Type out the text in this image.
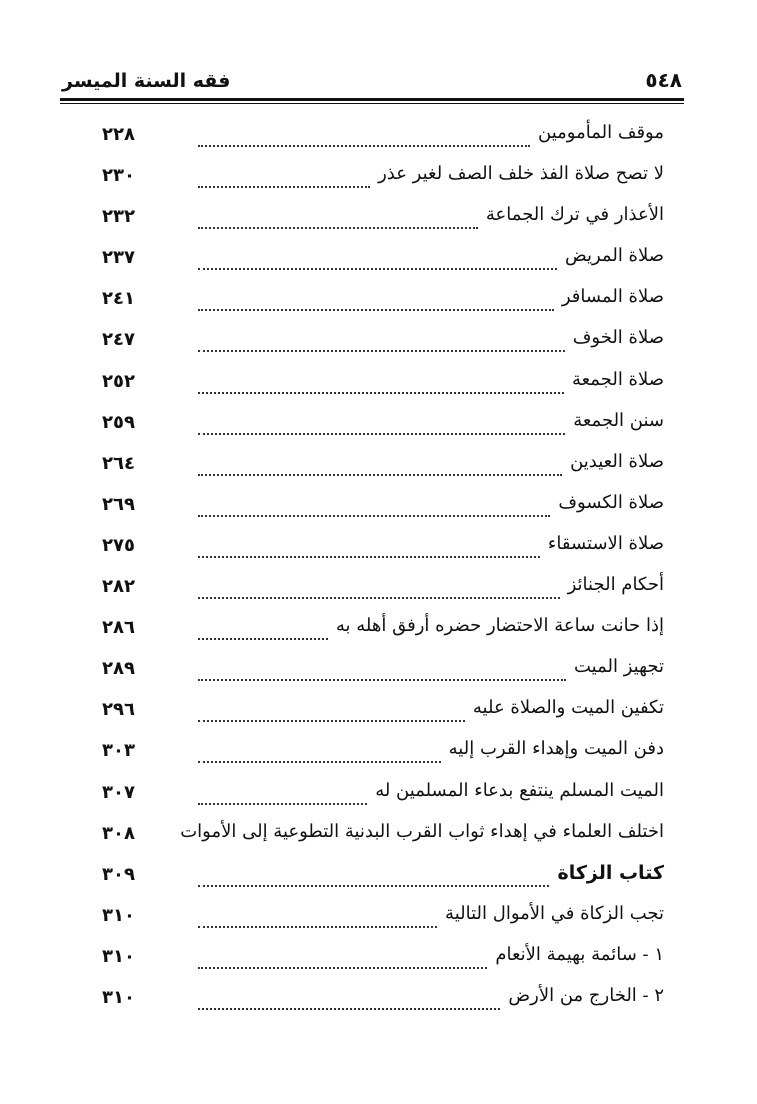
فقه السنة الميسر	٥٤٨
٢٢٨	موقف المأمومين
٢٣٠	لا تصح صلاة الفذ خلف الصف لغير عذر
٢٣٢	الأعذار في ترك الجماعة
٢٣٧	صلاة المريض
٢٤١	صلاة المسافر
٢٤٧	صلاة الخوف
٢٥٢	صلاة الجمعة
٢٥٩	سنن الجمعة
٢٦٤	صلاة العيدين
٢٦٩	صلاة الكسوف
٢٧٥	صلاة الاستسقاء
٢٨٢	أحكام الجنائز
٢٨٦	إذا حانت ساعة الاحتضار حضره أرفق أهله به
٢٨٩	تجهيز الميت
٢٩٦	تكفين الميت والصلاة عليه
٣٠٣	دفن الميت وإهداء القرب إليه
٣٠٧	الميت المسلم ينتفع بدعاء المسلمين له
٣٠٨	اختلف العلماء في إهداء ثواب القرب البدنية التطوعية إلى الأموات
٣٠٩	كتاب الزكاة
٣١٠	تجب الزكاة في الأموال التالية
٣١٠	١ - سائمة بهيمة الأنعام
٣١٠	٢ - الخارج من الأرض
